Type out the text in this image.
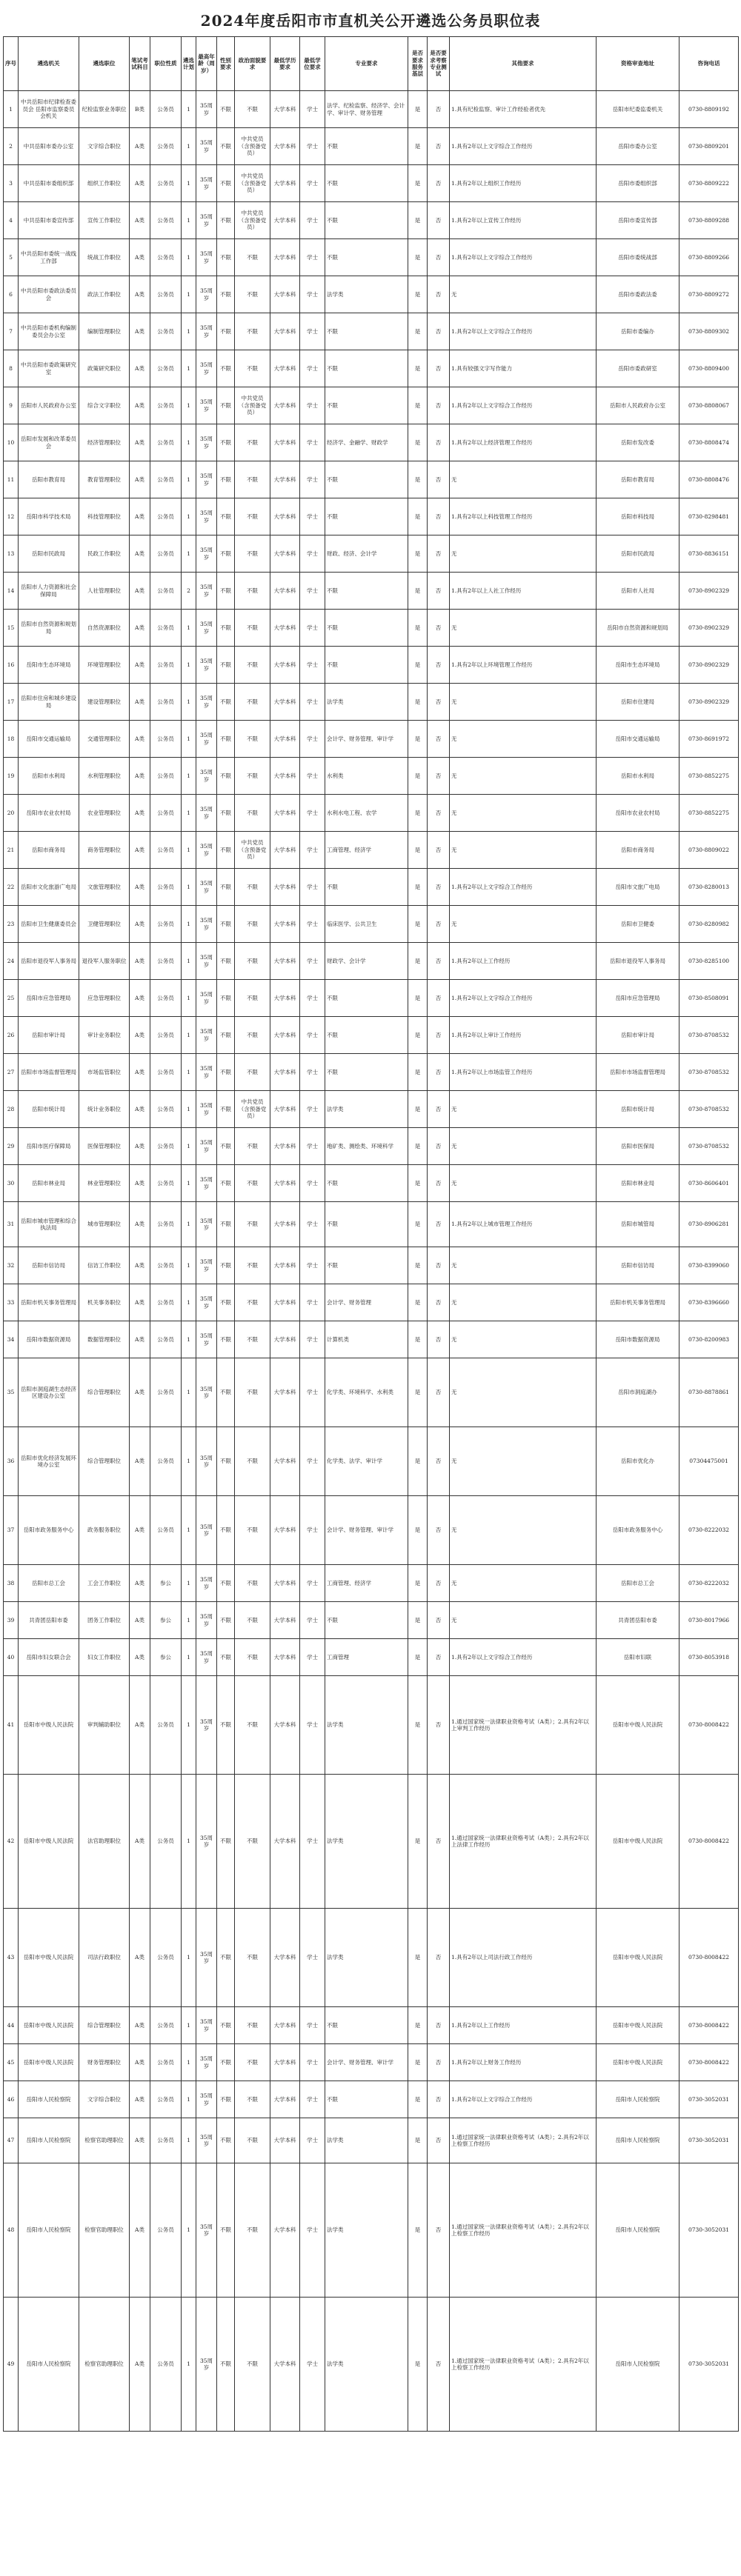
2024年度岳阳市市直机关公开遴选公务员职位表
序号	遴选机关	遴选职位	笔试考试科目	职位性质	遴选计划	最高年龄（周岁）	性别要求	政治面貌要求	最低学历要求	最低学位要求	专业要求	是否要求服务基层	是否要求考察专业测试	其他要求	资格审查地址	咨询电话
1	中共岳阳市纪律检查委员会 岳阳市监察委员会机关	纪检监察业务职位	B类	公务员	1	35周岁	不限	不限	大学本科	学士	法学、纪检监察、经济学、会计学、审计学、财务管理	是	否	1.具有纪检监察、审计工作经验者优先	岳阳市纪委监委机关	0730-8809192
2	中共岳阳市委办公室	文字综合职位	A类	公务员	1	35周岁	不限	中共党员（含预备党员）	大学本科	学士	不限	是	否	1.具有2年以上文字综合工作经历	岳阳市委办公室	0730-8809201
3	中共岳阳市委组织部	组织工作职位	A类	公务员	1	35周岁	不限	中共党员（含预备党员）	大学本科	学士	不限	是	否	1.具有2年以上组织工作经历	岳阳市委组织部	0730-8809222
4	中共岳阳市委宣传部	宣传工作职位	A类	公务员	1	35周岁	不限	中共党员（含预备党员）	大学本科	学士	不限	是	否	1.具有2年以上宣传工作经历	岳阳市委宣传部	0730-8809288
5	中共岳阳市委统一战线工作部	统战工作职位	A类	公务员	1	35周岁	不限	不限	大学本科	学士	不限	是	否	1.具有2年以上文字综合工作经历	岳阳市委统战部	0730-8809266
6	中共岳阳市委政法委员会	政法工作职位	A类	公务员	1	35周岁	不限	不限	大学本科	学士	法学类	是	否	无	岳阳市委政法委	0730-8809272
7	中共岳阳市委机构编制委员会办公室	编制管理职位	A类	公务员	1	35周岁	不限	不限	大学本科	学士	不限	是	否	1.具有2年以上文字综合工作经历	岳阳市委编办	0730-8809302
8	中共岳阳市委政策研究室	政策研究职位	A类	公务员	1	35周岁	不限	不限	大学本科	学士	不限	是	否	1.具有较强文字写作能力	岳阳市委政研室	0730-8809400
9	岳阳市人民政府办公室	综合文字职位	A类	公务员	1	35周岁	不限	中共党员（含预备党员）	大学本科	学士	不限	是	否	1.具有2年以上文字综合工作经历	岳阳市人民政府办公室	0730-8808067
10	岳阳市发展和改革委员会	经济管理职位	A类	公务员	1	35周岁	不限	不限	大学本科	学士	经济学、金融学、财政学	是	否	1.具有2年以上经济管理工作经历	岳阳市发改委	0730-8808474
11	岳阳市教育局	教育管理职位	A类	公务员	1	35周岁	不限	不限	大学本科	学士	不限	是	否	无	岳阳市教育局	0730-8808476
12	岳阳市科学技术局	科技管理职位	A类	公务员	1	35周岁	不限	不限	大学本科	学士	不限	是	否	1.具有2年以上科技管理工作经历	岳阳市科技局	0730-8298481
13	岳阳市民政局	民政工作职位	A类	公务员	1	35周岁	不限	不限	大学本科	学士	财政、经济、会计学	是	否	无	岳阳市民政局	0730-8836151
14	岳阳市人力资源和社会保障局	人社管理职位	A类	公务员	2	35周岁	不限	不限	大学本科	学士	不限	是	否	1.具有2年以上人社工作经历	岳阳市人社局	0730-8902329
15	岳阳市自然资源和规划局	自然资源职位	A类	公务员	1	35周岁	不限	不限	大学本科	学士	不限	是	否	无	岳阳市自然资源和规划局	0730-8902329
16	岳阳市生态环境局	环境管理职位	A类	公务员	1	35周岁	不限	不限	大学本科	学士	不限	是	否	1.具有2年以上环境管理工作经历	岳阳市生态环境局	0730-8902329
17	岳阳市住房和城乡建设局	建设管理职位	A类	公务员	1	35周岁	不限	不限	大学本科	学士	法学类	是	否	无	岳阳市住建局	0730-8902329
18	岳阳市交通运输局	交通管理职位	A类	公务员	1	35周岁	不限	不限	大学本科	学士	会计学、财务管理、审计学	是	否	无	岳阳市交通运输局	0730-8691972
19	岳阳市水利局	水利管理职位	A类	公务员	1	35周岁	不限	不限	大学本科	学士	水利类	是	否	无	岳阳市水利局	0730-8852275
20	岳阳市农业农村局	农业管理职位	A类	公务员	1	35周岁	不限	不限	大学本科	学士	水利水电工程、农学	是	否	无	岳阳市农业农村局	0730-8852275
21	岳阳市商务局	商务管理职位	A类	公务员	1	35周岁	不限	中共党员（含预备党员）	大学本科	学士	工商管理、经济学	是	否	无	岳阳市商务局	0730-8809022
22	岳阳市文化旅游广电局	文旅管理职位	A类	公务员	1	35周岁	不限	不限	大学本科	学士	不限	是	否	1.具有2年以上文字综合工作经历	岳阳市文旅广电局	0730-8280013
23	岳阳市卫生健康委员会	卫健管理职位	A类	公务员	1	35周岁	不限	不限	大学本科	学士	临床医学、公共卫生	是	否	无	岳阳市卫健委	0730-8280982
24	岳阳市退役军人事务局	退役军人服务职位	A类	公务员	1	35周岁	不限	不限	大学本科	学士	财政学、会计学	是	否	1.具有2年以上工作经历	岳阳市退役军人事务局	0730-8285100
25	岳阳市应急管理局	应急管理职位	A类	公务员	1	35周岁	不限	不限	大学本科	学士	不限	是	否	1.具有2年以上文字综合工作经历	岳阳市应急管理局	0730-8508091
26	岳阳市审计局	审计业务职位	A类	公务员	1	35周岁	不限	不限	大学本科	学士	不限	是	否	1.具有2年以上审计工作经历	岳阳市审计局	0730-8708532
27	岳阳市市场监督管理局	市场监管职位	A类	公务员	1	35周岁	不限	不限	大学本科	学士	不限	是	否	1.具有2年以上市场监管工作经历	岳阳市市场监督管理局	0730-8708532
28	岳阳市统计局	统计业务职位	A类	公务员	1	35周岁	不限	中共党员（含预备党员）	大学本科	学士	法学类	是	否	无	岳阳市统计局	0730-8708532
29	岳阳市医疗保障局	医保管理职位	A类	公务员	1	35周岁	不限	不限	大学本科	学士	地矿类、测绘类、环境科学	是	否	无	岳阳市医保局	0730-8708532
30	岳阳市林业局	林业管理职位	A类	公务员	1	35周岁	不限	不限	大学本科	学士	不限	是	否	无	岳阳市林业局	0730-8606401
31	岳阳市城市管理和综合执法局	城市管理职位	A类	公务员	1	35周岁	不限	不限	大学本科	学士	不限	是	否	1.具有2年以上城市管理工作经历	岳阳市城管局	0730-8906281
32	岳阳市信访局	信访工作职位	A类	公务员	1	35周岁	不限	不限	大学本科	学士	不限	是	否	无	岳阳市信访局	0730-8399060
33	岳阳市机关事务管理局	机关事务职位	A类	公务员	1	35周岁	不限	不限	大学本科	学士	会计学、财务管理	是	否	无	岳阳市机关事务管理局	0730-8396660
34	岳阳市数据资源局	数据管理职位	A类	公务员	1	35周岁	不限	不限	大学本科	学士	计算机类	是	否	无	岳阳市数据资源局	0730-8200983
35	岳阳市洞庭湖生态经济区建设办公室	综合管理职位	A类	公务员	1	35周岁	不限	不限	大学本科	学士	化学类、环境科学、水利类	是	否	无	岳阳市洞庭湖办	0730-8878861
36	岳阳市优化经济发展环境办公室	综合管理职位	A类	公务员	1	35周岁	不限	不限	大学本科	学士	化学类、法学、审计学	是	否	无	岳阳市优化办	07304475001
37	岳阳市政务服务中心	政务服务职位	A类	公务员	1	35周岁	不限	不限	大学本科	学士	会计学、财务管理、审计学	是	否	无	岳阳市政务服务中心	0730-8222032
38	岳阳市总工会	工会工作职位	A类	参公	1	35周岁	不限	不限	大学本科	学士	工商管理、经济学	是	否	无	岳阳市总工会	0730-8222032
39	共青团岳阳市委	团务工作职位	A类	参公	1	35周岁	不限	不限	大学本科	学士	不限	是	否	无	共青团岳阳市委	0730-8017966
40	岳阳市妇女联合会	妇女工作职位	A类	参公	1	35周岁	不限	不限	大学本科	学士	工商管理	是	否	1.具有2年以上文字综合工作经历	岳阳市妇联	0730-8053918
41	岳阳市中级人民法院	审判辅助职位	A类	公务员	1	35周岁	不限	不限	大学本科	学士	法学类	是	否	1.通过国家统一法律职业资格考试（A类）；2.具有2年以上审判工作经历	岳阳市中级人民法院	0730-8008422
42	岳阳市中级人民法院	法官助理职位	A类	公务员	1	35周岁	不限	不限	大学本科	学士	法学类	是	否	1.通过国家统一法律职业资格考试（A类）；2.具有2年以上法律工作经历	岳阳市中级人民法院	0730-8008422
43	岳阳市中级人民法院	司法行政职位	A类	公务员	1	35周岁	不限	不限	大学本科	学士	法学类	是	否	1.具有2年以上司法行政工作经历	岳阳市中级人民法院	0730-8008422
44	岳阳市中级人民法院	综合管理职位	A类	公务员	1	35周岁	不限	不限	大学本科	学士	不限	是	否	1.具有2年以上工作经历	岳阳市中级人民法院	0730-8008422
45	岳阳市中级人民法院	财务管理职位	A类	公务员	1	35周岁	不限	不限	大学本科	学士	会计学、财务管理、审计学	是	否	1.具有2年以上财务工作经历	岳阳市中级人民法院	0730-8008422
46	岳阳市人民检察院	文字综合职位	A类	公务员	1	35周岁	不限	不限	大学本科	学士	不限	是	否	1.具有2年以上文字综合工作经历	岳阳市人民检察院	0730-3052031
47	岳阳市人民检察院	检察官助理职位	A类	公务员	1	35周岁	不限	不限	大学本科	学士	法学类	是	否	1.通过国家统一法律职业资格考试（A类）；2.具有2年以上检察工作经历	岳阳市人民检察院	0730-3052031
48	岳阳市人民检察院	检察官助理职位	A类	公务员	1	35周岁	不限	不限	大学本科	学士	法学类	是	否	1.通过国家统一法律职业资格考试（A类）；2.具有2年以上检察工作经历	岳阳市人民检察院	0730-3052031
49	岳阳市人民检察院	检察官助理职位	A类	公务员	1	35周岁	不限	不限	大学本科	学士	法学类	是	否	1.通过国家统一法律职业资格考试（A类）；2.具有2年以上检察工作经历	岳阳市人民检察院	0730-3052031
